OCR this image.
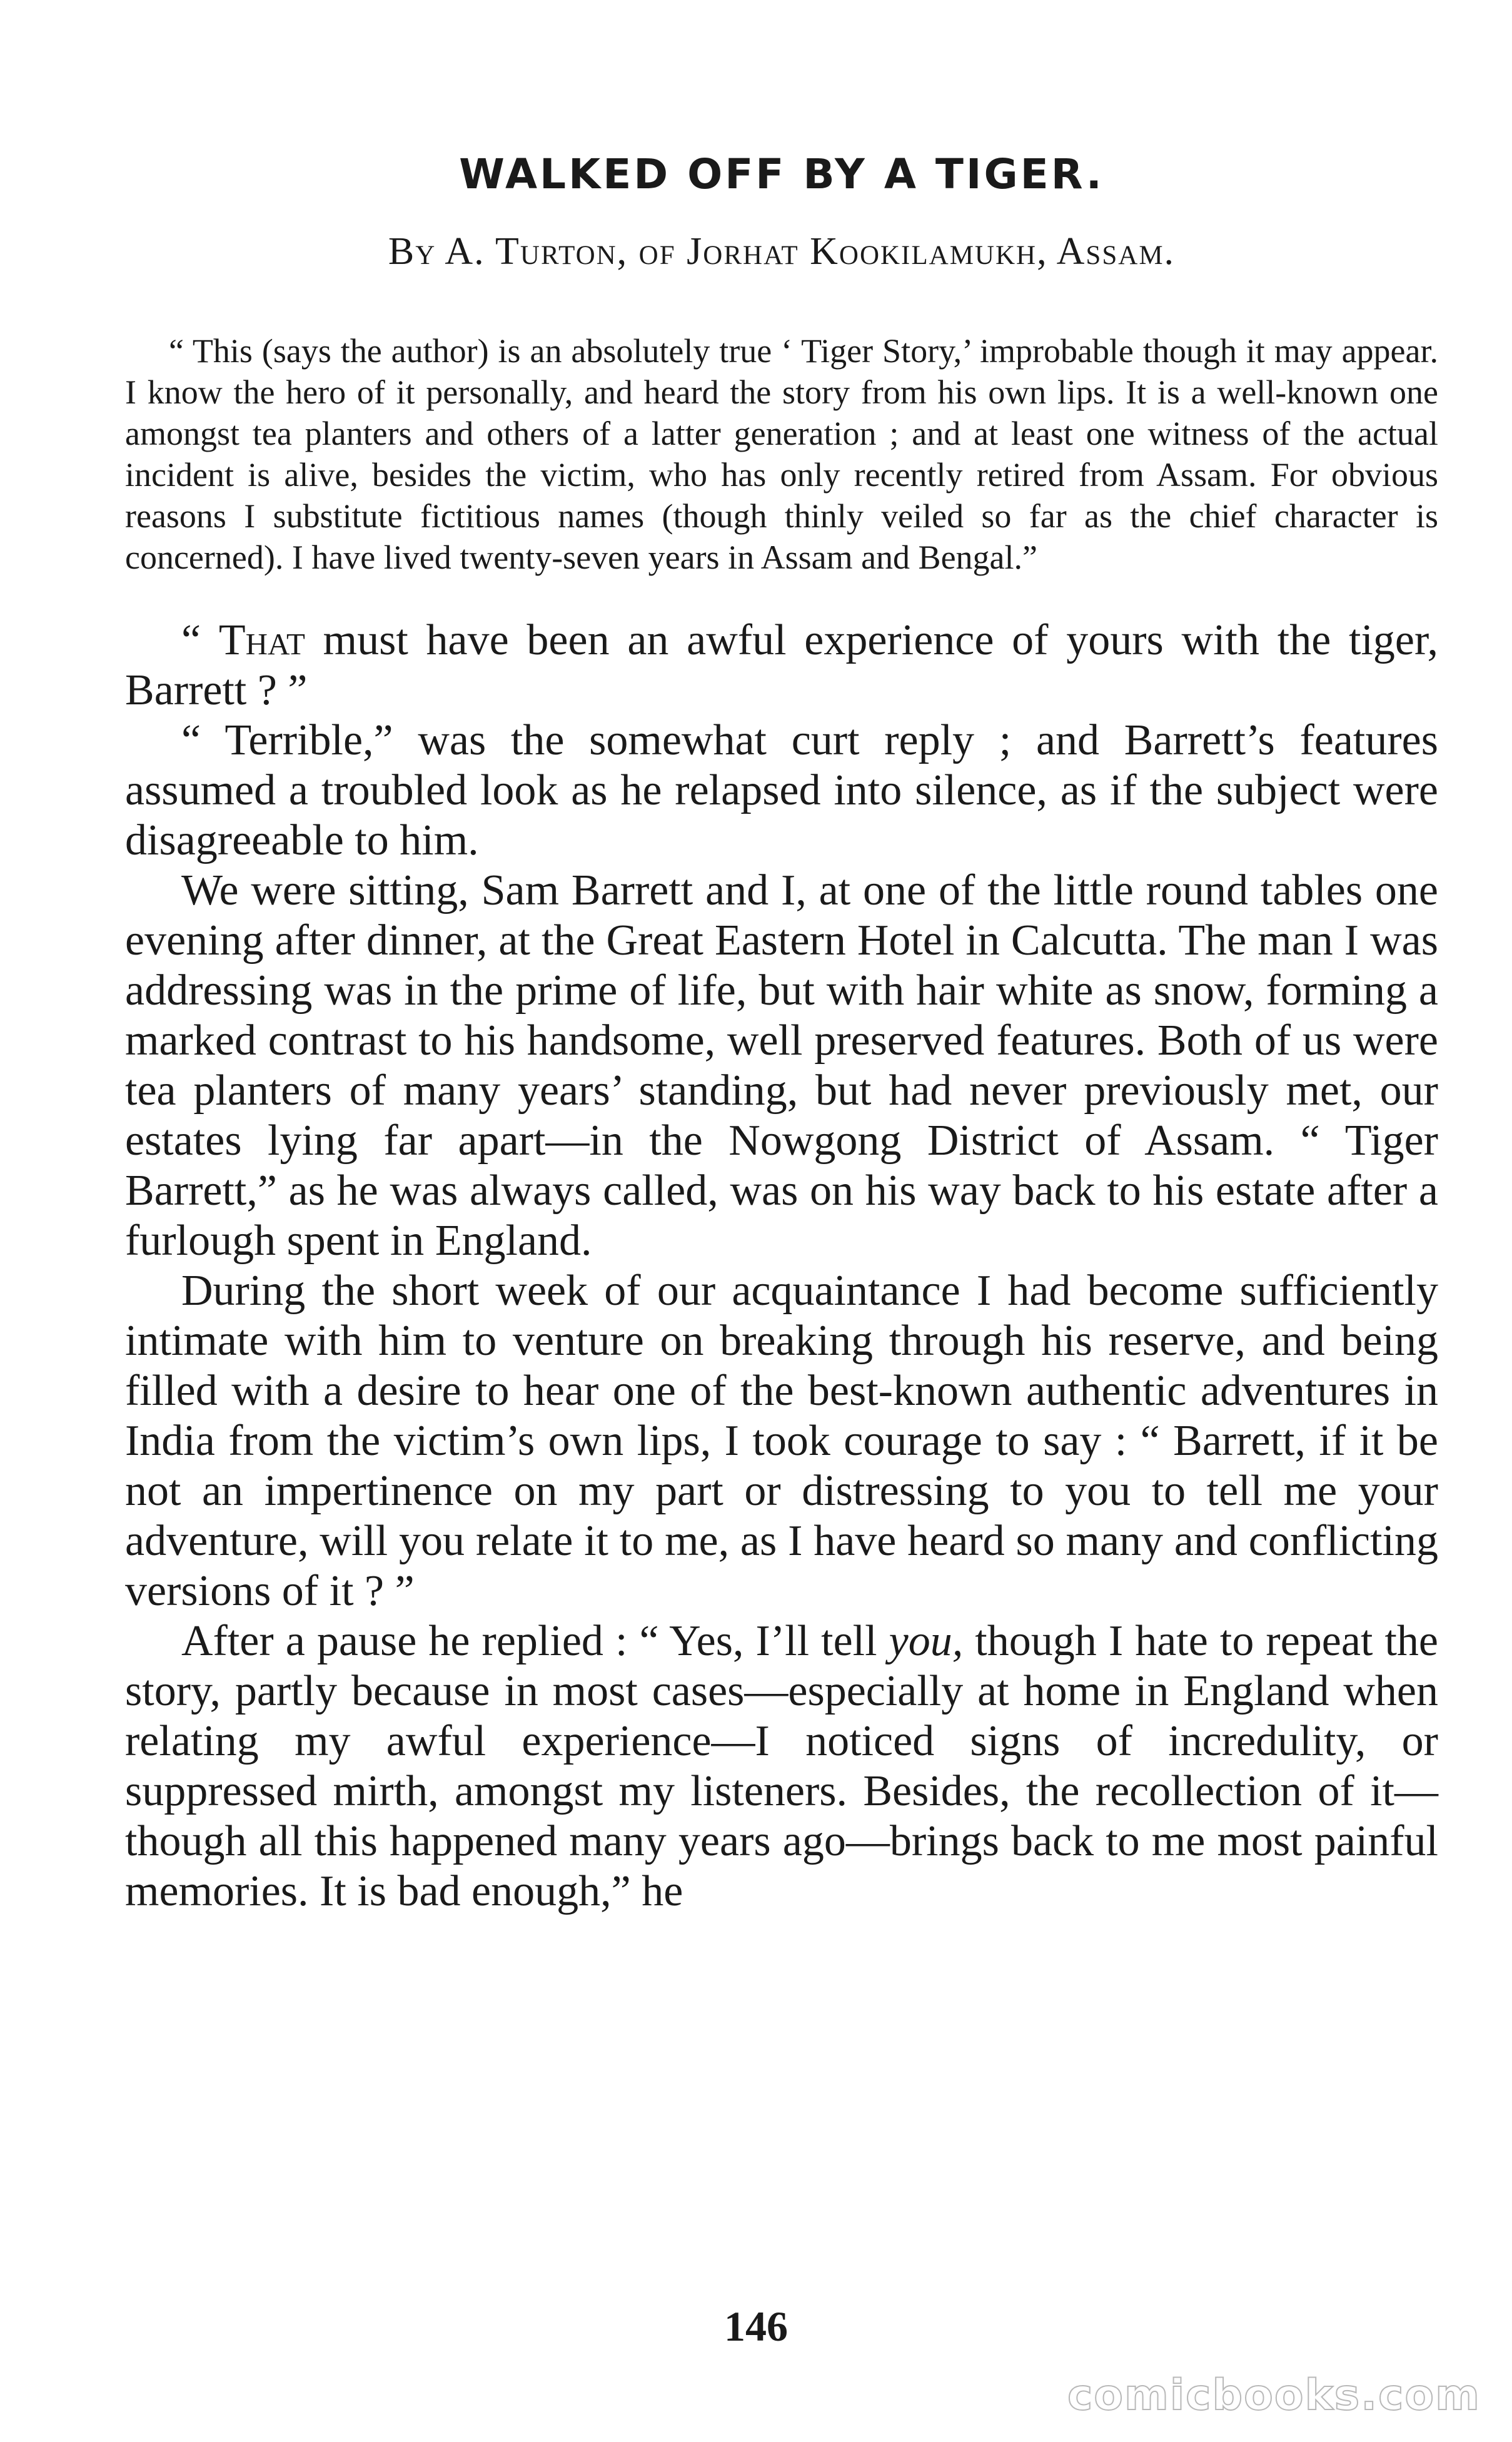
WALKED OFF BY A TIGER.
By A. Turton, of Jorhat Kookilamukh, Assam.

“ This (says the author) is an absolutely true ‘ Tiger Story,’ improbable though it may appear. I know the hero of it personally, and heard the story from his own lips. It is a well-known one amongst tea planters and others of a latter generation ; and at least one witness of the actual incident is alive, besides the victim, who has only recently retired from Assam. For obvious reasons I substitute fictitious names (though thinly veiled so far as the chief character is concerned). I have lived twenty-seven years in Assam and Bengal.”

“ That must have been an awful experience of yours with the tiger, Barrett ? ”

“ Terrible,” was the somewhat curt reply ; and Barrett’s features assumed a troubled look as he relapsed into silence, as if the subject were disagreeable to him.

We were sitting, Sam Barrett and I, at one of the little round tables one evening after dinner, at the Great Eastern Hotel in Calcutta. The man I was addressing was in the prime of life, but with hair white as snow, forming a marked contrast to his handsome, well preserved features. Both of us were tea planters of many years’ standing, but had never previously met, our estates lying far apart—in the Nowgong District of Assam. “ Tiger Barrett,” as he was always called, was on his way back to his estate after a furlough spent in England.

During the short week of our acquaintance I had become sufficiently intimate with him to venture on breaking through his reserve, and being filled with a desire to hear one of the best-known authentic adventures in India from the victim’s own lips, I took courage to say : “ Barrett, if it be not an impertinence on my part or distressing to you to tell me your adventure, will you relate it to me, as I have heard so many and conflicting versions of it ? ”

After a pause he replied : “ Yes, I’ll tell you, though I hate to repeat the story, partly because in most cases—especially at home in England when relating my awful experience—I noticed signs of incredulity, or suppressed mirth, amongst my listeners. Besides, the recollection of it—though all this happened many years ago—brings back to me most painful memories. It is bad enough,” he

146
comicbooks.com
